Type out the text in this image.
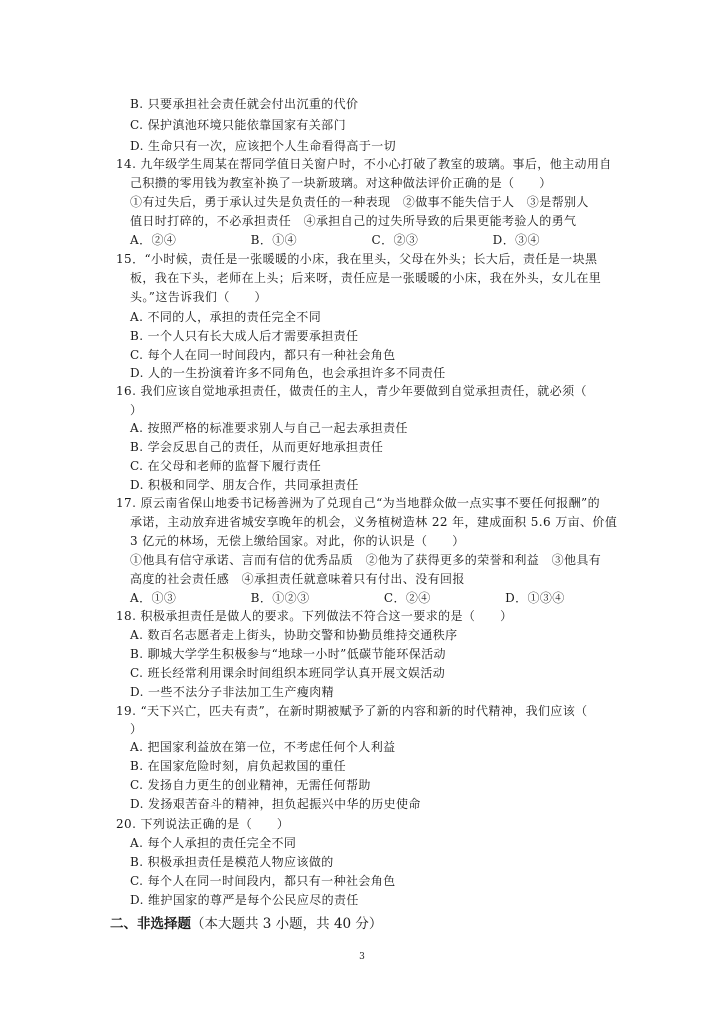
B. 只要承担社会责任就会付出沉重的代价
C. 保护滇池环境只能依靠国家有关部门
D. 生命只有一次，应该把个人生命看得高于一切
14. 九年级学生周某在帮同学值日关窗户时，不小心打破了教室的玻璃。事后，他主动用自
己积攒的零用钱为教室补换了一块新玻璃。对这种做法评价正确的是（　　）
①有过失后，勇于承认过失是负责任的一种表现　②做事不能失信于人　③是帮别人
值日时打碎的，不必承担责任　④承担自己的过失所导致的后果更能考验人的勇气
A．②④　　　　　　B．①④　　　　　　C．②③　　　　　　D．③④
15．“小时候，责任是一张暖暖的小床，我在里头，父母在外头；长大后，责任是一块黑
板，我在下头，老师在上头；后来呀，责任应是一张暖暖的小床，我在外头，女儿在里
头。”这告诉我们（　　）
A. 不同的人，承担的责任完全不同
B. 一个人只有长大成人后才需要承担责任
C. 每个人在同一时间段内，都只有一种社会角色
D. 人的一生扮演着许多不同角色，也会承担许多不同责任
16. 我们应该自觉地承担责任，做责任的主人，青少年要做到自觉承担责任，就必须（
）
A. 按照严格的标准要求别人与自己一起去承担责任
B. 学会反思自己的责任，从而更好地承担责任
C. 在父母和老师的监督下履行责任
D. 积极和同学、朋友合作，共同承担责任
17. 原云南省保山地委书记杨善洲为了兑现自己“为当地群众做一点实事不要任何报酬”的
承诺，主动放弃进省城安享晚年的机会，义务植树造林 22 年，建成面积 5.6 万亩、价值
3 亿元的林场，无偿上缴给国家。对此，你的认识是（　　）
①他具有信守承诺、言而有信的优秀品质　②他为了获得更多的荣誉和利益　③他具有
高度的社会责任感　④承担责任就意味着只有付出、没有回报
A．①③　　　　　　B．①②③　　　　　　C．②④　　　　　　D．①③④
18. 积极承担责任是做人的要求。下列做法不符合这一要求的是（　　）
A. 数百名志愿者走上街头，协助交警和协勤员维持交通秩序
B. 聊城大学学生积极参与“地球一小时”低碳节能环保活动
C. 班长经常利用课余时间组织本班同学认真开展文娱活动
D. 一些不法分子非法加工生产瘦肉精
19. “天下兴亡，匹夫有责”，在新时期被赋予了新的内容和新的时代精神，我们应该（
）
A. 把国家利益放在第一位，不考虑任何个人利益
B. 在国家危险时刻，肩负起救国的重任
C. 发扬自力更生的创业精神，无需任何帮助
D. 发扬艰苦奋斗的精神，担负起振兴中华的历史使命
20. 下列说法正确的是（　　）
A. 每个人承担的责任完全不同
B. 积极承担责任是模范人物应该做的
C. 每个人在同一时间段内，都只有一种社会角色
D. 维护国家的尊严是每个公民应尽的责任
二、非选择题（本大题共 3 小题，共 40 分）
3
